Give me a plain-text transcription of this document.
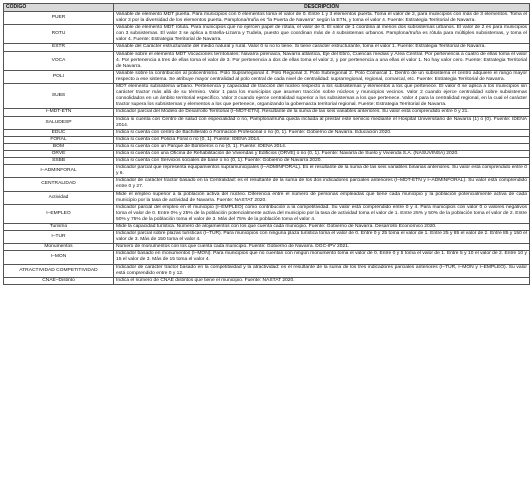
CÓDIGO	DESCRIPCIÓN
PUER	Variable de elemento MDT puerta. Para municipios con 0 elementos toma el valor de 0. Entre 1 y 3 elementos puerta. Toma el valor de 2, para municipios con más de 3 elementos. Toma el valor 3 por la diversidad de los elementos puerta. Pamplona/Iruña es "la Puerta de Navarra" según la ETN, y toma el valor 4. Fuente: Estrategia Territorial de Navarra.
ROTU	Variable de elemento MDT rótula. Para municipios que no ejercen papel de rótula, el valor de 0. El valor de 1 coordina al menos dos subsistemas urbanos. El valor de 2 es para municipios con 3 subsistemas. El valor 3 se aplica a Estella-Lizarra y Tudela, puesto que coordinan más de 4 subsistemas urbanos. Pamplona/Iruña es rótula para múltiples subsistemas, y toma el valor 4. Fuente: Estrategia Territorial de Navarra.
ESTR	Variable del Carácter estructurante del medio natural y rural. Valor 0 si no lo tiene. Si tiene carácter estructurante, toma el valor 1. Fuente: Estrategia Territorial de Navarra.
VOCA	Variable sobre el elemento MDT Vocaciones territoriales: Navarra pirenaica, Navarra atlántica, Eje del Ebro, Cuencas medias y Área Central. Por pertenencia a cuatro de ellas toma el valor 4. Por pertenencia a tres de ellas toma el valor de 3. Por pertenencia a dos de ellas toma el valor 2, y por pertenencia a una ellas el valor 1. No hay valor cero. Fuente: Estrategia Territorial de Navarra.
POLI	Variable sobre la contribución al policentrismo. Polo Suprarregional 4. Polo Regional 3. Polo Subregional 2. Polo Comarcal 1. Dentro de un subsistema el centro adquiere el rango mayor respecto a ese sistema. Se atribuye mayor centralidad al polo central de cada nivel de centralidad: suprarregional, regional, comarcal, etc. Fuente: Estrategia Territorial de Navarra.
SUBS	MDT elemento subsistema urbano. Pertenencia y capacidad de tracción del núcleo respecto a los subsistemas y elementos a los que pertenece. El valor 0 se aplica a los municipios sin carácter tractor más allá de su término. Valor 1 para los municipios que asumen tracción sobre núcleos y municipios vecinos. Valor 2 cuando ejerce centralidad sobre subsistemas consolidados en un ámbito territorial específico. Valor 3 cuando ejerce centralidad superior a los subsistemas a los que pertenece. Valor 4 para la centralidad regional, en la cual el carácter tractor supera los subsistemas y elementos a los que pertenece, organizando la gobernanza territorial regional. Fuente: Estrategia Territorial de Navarra.
I–MDT-ETN	Indicador parcial del Modelo de Desarrollo Territorial (I–MDT-ETN). Resultante de la suma de las seis variables anteriores. Su valor está comprendido entre 0 y 21.
SALUDESP	Indica si cuenta con Centro de salud con especialidad o no, Pamplona/Iruña queda incluida al prestar este servicio mediante el Hospital Universitario de Navarra (1) ó (0). Fuente: IDENA 2014.
EDUC	Indica si cuenta con centro de Bachillerato o Formación Profesional o no (0, 1). Fuente: Gobierno de Navarra. Educación 2020.
FORAL	Indica si cuenta con Policía Foral o no (0, 1). Fuente: IDENA 2014.
BOM	Indica si cuenta con un Parque de Bomberos o no (0, 1). Fuente: IDENA 2014.
ORVE	Indica si cuenta con una Oficina de Rehabilitación de Viviendas y Edificios (ORVE) o no (0, 1). Fuente: Navarra de Suelo y Vivienda S.A. (NASUVINSA) 2020.
SSBB	Indica si cuenta con Servicios sociales de base o no (0, 1). Fuente: Gobierno de Navarra 2020.
I–ADMINFORAL	Indicador parcial que representa equipamientos supramunicipales (I–ADMINFORAL). Es el resultante de la suma de las seis variables binarias anteriores. Su valor está comprendido entre 0 y 6.
CENTRALIDAD	Indicador de carácter tractor basado en la Centralidad: es el resultante de la suma de los dos indicadores parciales anteriores (I–MDT-ETN y I–ADMINFORAL). Su valor está comprendido entre 0 y 27.
Actividad	Mide el empleo superior a la población activa del núcleo. Diferencia entre el número de personas empleadas que tiene cada municipio y la población potencialmente activa de cada municipio por la tasa de actividad de Navarra. Fuente: NASTAT 2020.
I–EMPLEO	Indicador parcial del empleo en el municipio (I–EMPLEO) como contribución a la competitividad. Su valor está comprendido entre 0 y 4. Para municipios con valor 0 o valores negativos toma el valor de 0. Entre 0% y 25% de la población potencialmente activa del municipio por la tasa de actividad toma el valor de 1. Entre 25% y 50% de la población toma el valor de 2. Entre 50% y 75% de la población toma el valor de 3. Más del 75% de la población toma el valor 4.
Turismo	Mide la capacidad turística. Número de alojamientos con los que cuenta cada municipio. Fuente: Gobierno de Navarra. Desarrollo Económico 2020.
I–TUR	Indicador parcial sobre plazas turísticas (I–TUR). Para municipios con ninguna plaza turística toma el valor de 0. Entre 0 y 25 toma el valor de 1. Entre 25 y 85 el valor de 2. Entre 85 y 150 el valor de 3. Más de 150 toma el valor 4.
Monumentos	Número de monumentos con los que cuenta cada municipio. Fuente: Gobierno de Navarra. DGC-IPV 2021.
I–MON	Indicador basado en monumentos (I–MON). Para municipios que no cuentan con ningún monumento toma el valor de 0. Entre 0 y 5 toma el valor de 1. Entre 5 y 10 el valor de 2. Entre 10 y 15 el valor de 3. Más de 15 toma el valor 4.
ATRACTIVIDAD COMPETITIVIDAD	Indicador de carácter tractor basado en la competitividad y la atractividad: es el resultante de la suma de los tres indicadores parciales anteriores (I–TUR, I–MON y I–EMPLEO). Su valor está comprendido entre 0 y 12.
CNAE–Distinto	Indica el número de CNAE distintos que tiene el municipio. Fuente: NASTAT 2020.
